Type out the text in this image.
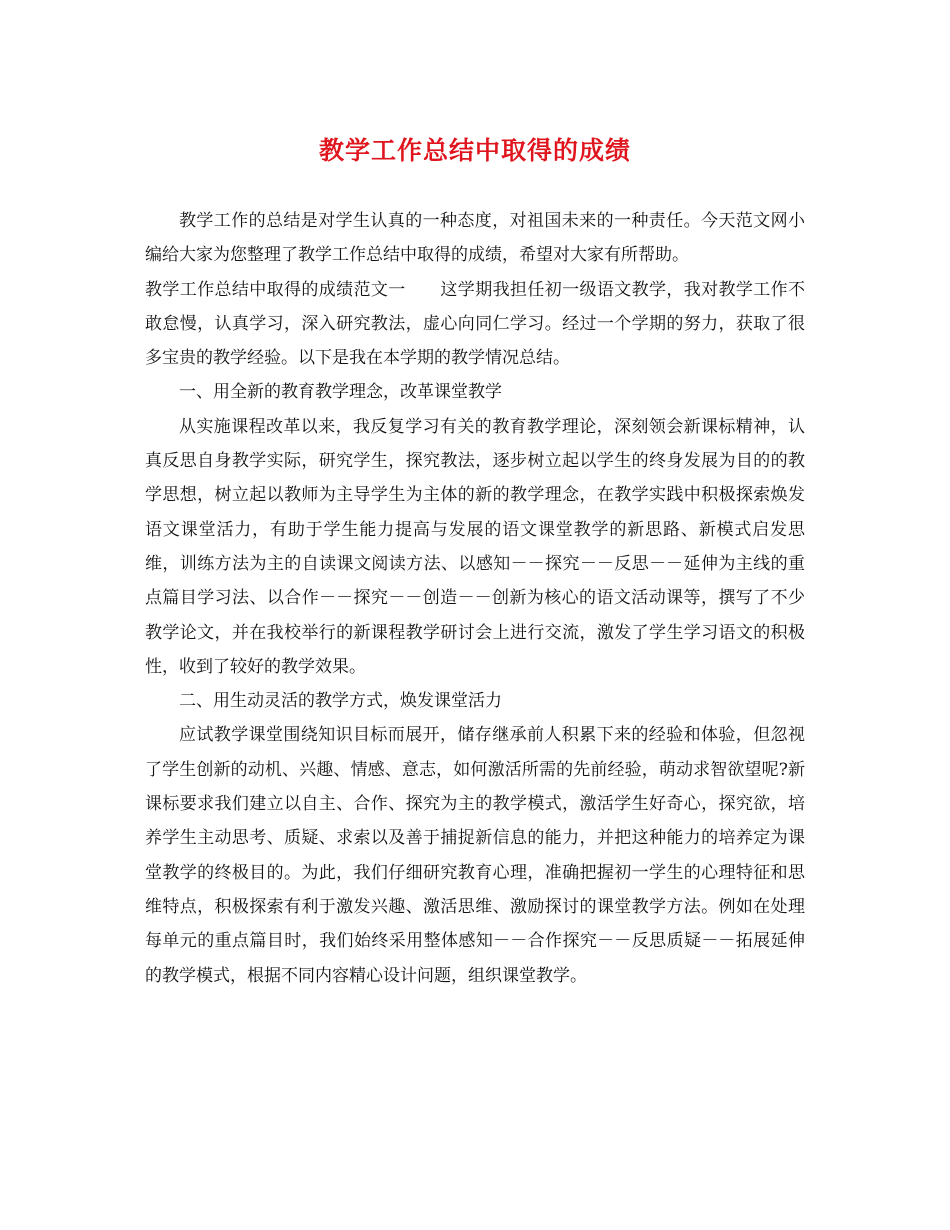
教学工作总结中取得的成绩

教学工作的总结是对学生认真的一种态度，对祖国未来的一种责任。今天范文网小编给大家为您整理了教学工作总结中取得的成绩，希望对大家有所帮助。

教学工作总结中取得的成绩范文一　　这学期我担任初一级语文教学，我对教学工作不敢怠慢，认真学习，深入研究教法，虚心向同仁学习。经过一个学期的努力，获取了很多宝贵的教学经验。以下是我在本学期的教学情况总结。

一、用全新的教育教学理念，改革课堂教学

从实施课程改革以来，我反复学习有关的教育教学理论，深刻领会新课标精神，认真反思自身教学实际，研究学生，探究教法，逐步树立起以学生的终身发展为目的的教学思想，树立起以教师为主导学生为主体的新的教学理念，在教学实践中积极探索焕发语文课堂活力，有助于学生能力提高与发展的语文课堂教学的新思路、新模式启发思维，训练方法为主的自读课文阅读方法、以感知－－探究－－反思－－延伸为主线的重点篇目学习法、以合作－－探究－－创造－－创新为核心的语文活动课等，撰写了不少教学论文，并在我校举行的新课程教学研讨会上进行交流，激发了学生学习语文的积极性，收到了较好的教学效果。

二、用生动灵活的教学方式，焕发课堂活力

应试教学课堂围绕知识目标而展开，储存继承前人积累下来的经验和体验，但忽视了学生创新的动机、兴趣、情感、意志，如何激活所需的先前经验，萌动求智欲望呢?新课标要求我们建立以自主、合作、探究为主的教学模式，激活学生好奇心，探究欲，培养学生主动思考、质疑、求索以及善于捕捉新信息的能力，并把这种能力的培养定为课堂教学的终极目的。为此，我们仔细研究教育心理，准确把握初一学生的心理特征和思维特点，积极探索有利于激发兴趣、激活思维、激励探讨的课堂教学方法。例如在处理每单元的重点篇目时，我们始终采用整体感知－－合作探究－－反思质疑－－拓展延伸的教学模式，根据不同内容精心设计问题，组织课堂教学。
